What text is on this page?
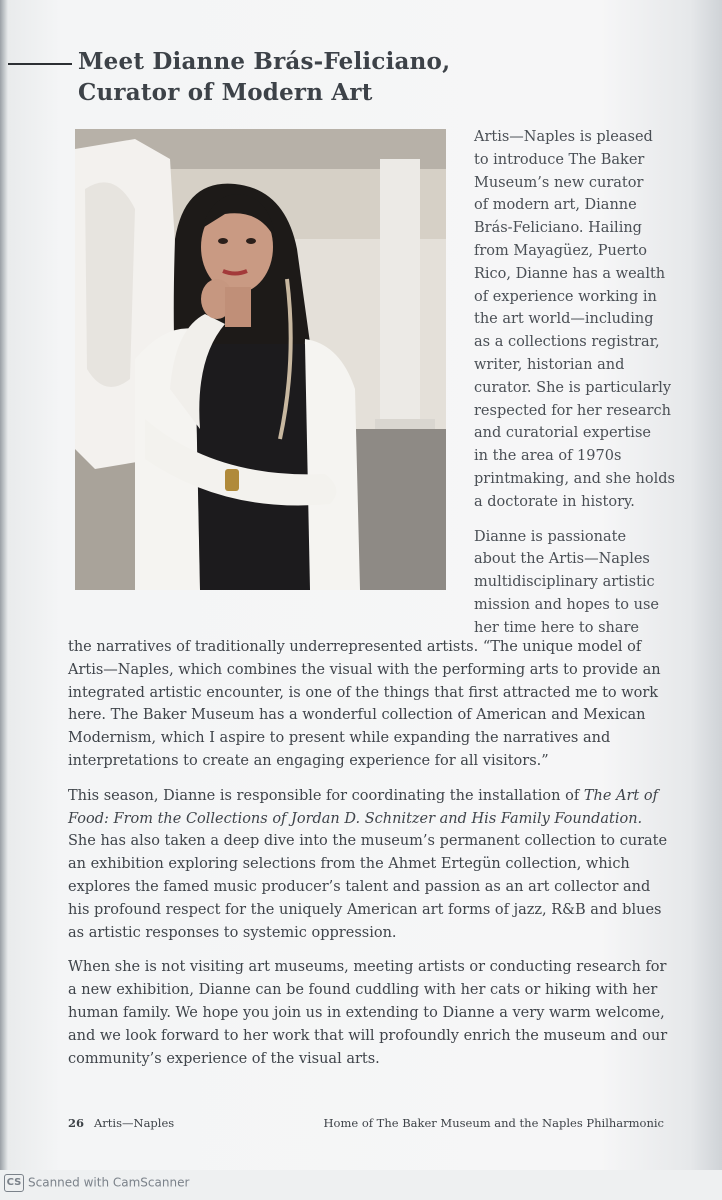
Meet Dianne Brás-Feliciano,
Curator of Modern Art

Artis—Naples is pleased
to introduce The Baker
Museum’s new curator
of modern art, Dianne
Brás-Feliciano. Hailing
from Mayagüez, Puerto
Rico, Dianne has a wealth
of experience working in
the art world—including
as a collections registrar,
writer, historian and
curator. She is particularly
respected for her research
and curatorial expertise
in the area of 1970s
printmaking, and she holds
a doctorate in history.

Dianne is passionate
about the Artis—Naples
multidisciplinary artistic
mission and hopes to use
her time here to share

the narratives of traditionally underrepresented artists. “The unique model of Artis—Naples, which combines the visual with the performing arts to provide an integrated artistic encounter, is one of the things that first attracted me to work here. The Baker Museum has a wonderful collection of American and Mexican Modernism, which I aspire to present while expanding the narratives and interpretations to create an engaging experience for all visitors.”

This season, Dianne is responsible for coordinating the installation of The Art of Food: From the Collections of Jordan D. Schnitzer and His Family Foundation. She has also taken a deep dive into the museum’s permanent collection to curate an exhibition exploring selections from the Ahmet Ertegün collection, which explores the famed music producer’s talent and passion as an art collector and his profound respect for the uniquely American art forms of jazz, R&B and blues as artistic responses to systemic oppression.

When she is not visiting art museums, meeting artists or conducting research for a new exhibition, Dianne can be found cuddling with her cats or hiking with her human family. We hope you join us in extending to Dianne a very warm welcome, and we look forward to her work that will profoundly enrich the museum and our community’s experience of the visual arts.

26 Artis—Naples	Home of The Baker Museum and the Naples Philharmonic
CS Scanned with CamScanner
